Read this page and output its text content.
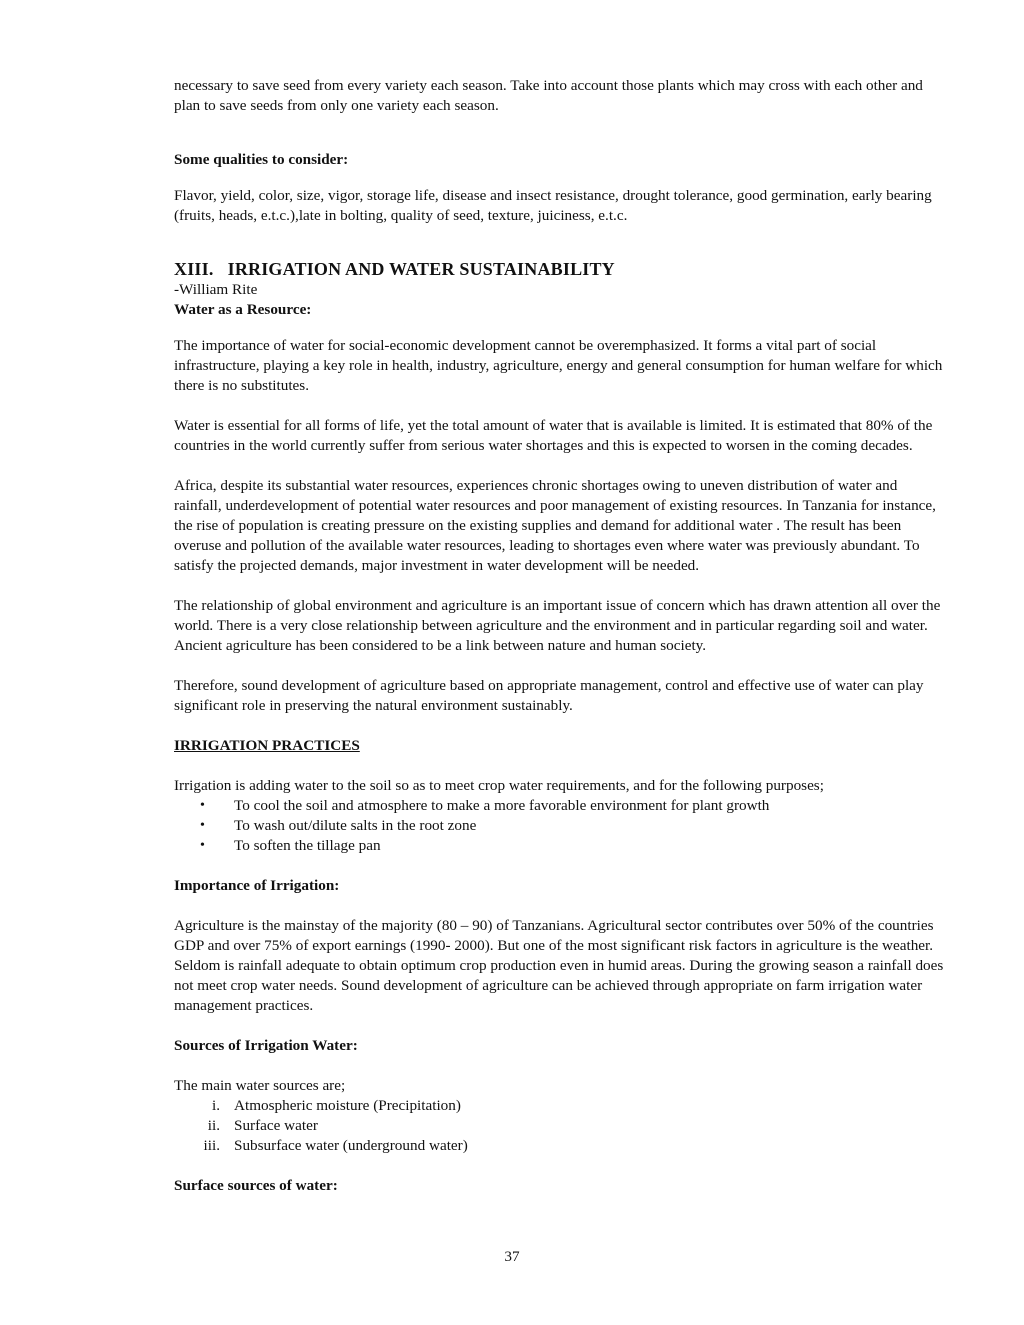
necessary to save seed from every variety each season. Take into account those plants which may cross with each other and plan to save seeds from only one variety each season.

Some qualities to consider:

Flavor, yield, color, size, vigor, storage life, disease and insect resistance, drought tolerance, good germination, early bearing (fruits, heads, e.t.c.),late in bolting, quality of seed, texture, juiciness, e.t.c.

XIII. IRRIGATION AND WATER SUSTAINABILITY

-William Rite

Water as a Resource:

The importance of water for social-economic development cannot be overemphasized. It forms a vital part of social infrastructure, playing a key role in health, industry, agriculture, energy and general consumption for human welfare for which there is no substitutes.

Water is essential for all forms of life, yet the total amount of water that is available is limited. It is estimated that 80% of the countries in the world currently suffer from serious water shortages and this is expected to worsen in the coming decades.

Africa, despite its substantial water resources, experiences chronic shortages owing to uneven distribution of water and rainfall, underdevelopment of potential water resources and poor management of existing resources. In Tanzania for instance, the rise of population is creating pressure on the existing supplies and demand for additional water . The result has been overuse and pollution of the available water resources, leading to shortages even where water was previously abundant. To satisfy the projected demands, major investment in water development will be needed.

The relationship of global environment and agriculture is an important issue of concern which has drawn attention all over the world. There is a very close relationship between agriculture and the environment and in particular regarding soil and water. Ancient agriculture has been considered to be a link between nature and human society.

Therefore, sound development of agriculture based on appropriate management, control and effective use of water can play significant role in preserving the natural environment sustainably.

IRRIGATION PRACTICES

Irrigation is adding water to the soil so as to meet crop water requirements, and for the following purposes;

• To cool the soil and atmosphere to make a more favorable environment for plant growth
• To wash out/dilute salts in the root zone
• To soften the tillage pan
Importance of Irrigation:

Agriculture is the mainstay of the majority (80 – 90) of Tanzanians. Agricultural sector contributes over 50% of the countries GDP and over 75% of export earnings (1990- 2000). But one of the most significant risk factors in agriculture is the weather. Seldom is rainfall adequate to obtain optimum crop production even in humid areas. During the growing season a rainfall does not meet crop water needs. Sound development of agriculture can be achieved through appropriate on farm irrigation water management practices.

Sources of Irrigation Water:

The main water sources are;

i. Atmospheric moisture (Precipitation)
ii. Surface water
iii. Subsurface water (underground water)
Surface sources of water:
37
